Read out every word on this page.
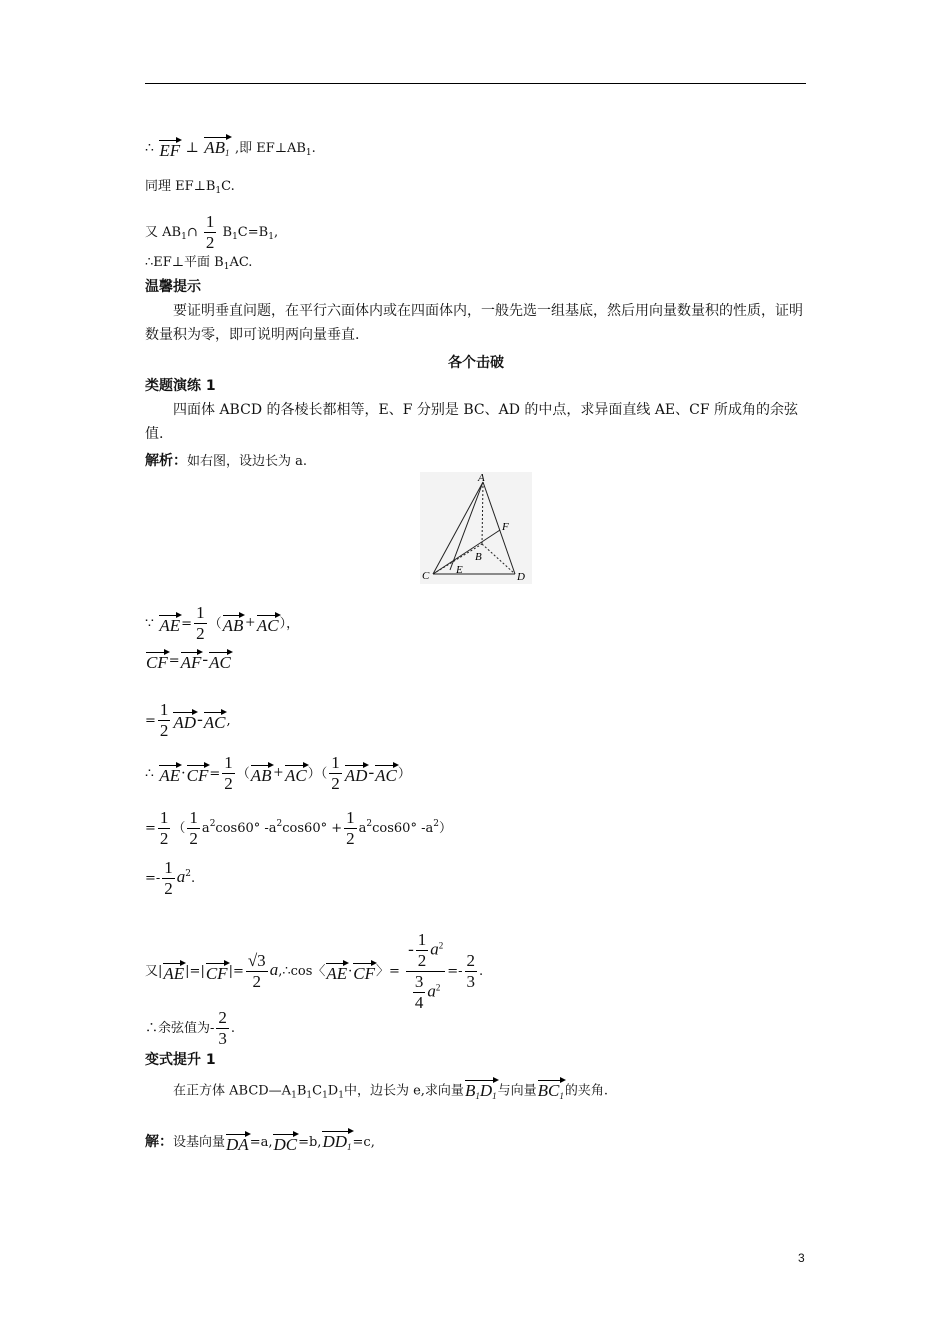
∴ EF ⊥ $AB_1$ ,即 $EF\perp AB_1$.
同理 $EF\perp B_1C$.
又 $AB_1\cap \frac{1}{2} B_1C=B_1$,
∴EF⊥平面 $B_1AC$.
温馨提示
要证明垂直问题，在平行六面体内或在四面体内，一般先选一组基底，然后用向量数量积的性质，证明数量积为零，即可说明两向量垂直.
各个击破
类题演练 1
四面体 ABCD 的各棱长都相等，E、F 分别是 BC、AD 的中点，求异面直线 AE、CF 所成角的余弦值.
解析：如右图，设边长为 a.
A
B
C	D
E
F
∵ $AE= \frac{1}{2} (AB+AC)$，
CF=AF-AC
= $\frac{1}{2} AD-AC$,
∴ $AE\cdot CF= \frac{1}{2} (AB+AC)( \frac{1}{2} AD-AC)$
= $\frac{1}{2}$ （ $\frac{1}{2} a^2\cos 60^\circ$ $-a^2\cos 60^\circ + \frac{1}{2} a^2\cos 60^\circ$ $-a^2$）
=- $\frac{1}{2} a^2$.
又$|AE|=|CF|= \frac{√3}{2}$ a,∴cos〈AE·CF〉= $\frac{- \frac{1}{2} a^2}{\frac{3}{4} a^2} =- \frac{2}{3}$ .
∴余弦值为- $\frac{2}{3}$ .
变式提升 1
在正方体 $ABCD—A_1B_1C_1D_1$中，边长为 e,求向量$B_1D_1$与向量$BC_1$的夹角.
解：设基向量$DA=a,DC=b,DD_1=c$,
3
